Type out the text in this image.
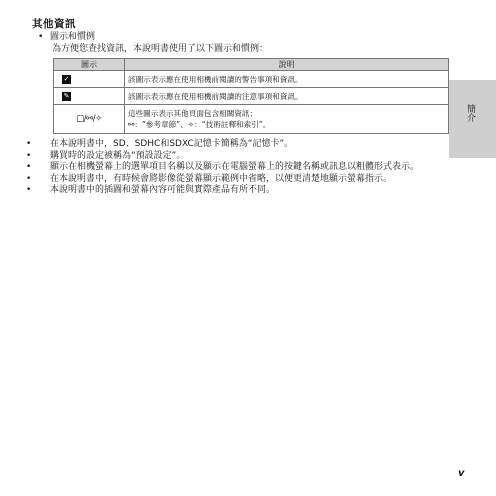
其他資訊
• 圖示和慣例
為方便您查找資訊，本說明書使用了以下圖示和慣例：
圖示	說明
✓	該圖示表示應在使用相機前閱讀的警告事項和資訊。
✎	該圖示表示應在使用相機前閱讀的注意事項和資訊。
□/⚯/✧	這些圖示表示其他頁面包含相關資訊；
⚯：“參考章節”、✧：“技術註釋和索引”。
• 在本說明書中，SD、SDHC和SDXC記憶卡簡稱為“記憶卡”。
• 購買時的設定被稱為“預設設定”。
• 顯示在相機螢幕上的選單項目名稱以及顯示在電腦螢幕上的按鍵名稱或訊息以粗體形式表示。
• 在本說明書中，有時候會將影像從螢幕顯示範例中省略，以便更清楚地顯示螢幕指示。
• 本說明書中的插圖和螢幕內容可能與實際產品有所不同。
簡介
v
